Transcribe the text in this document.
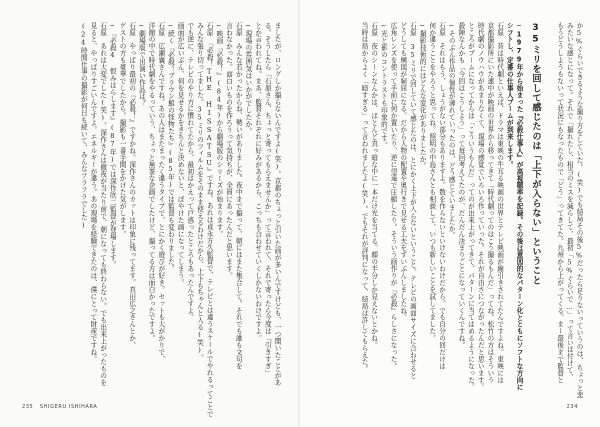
ましたが、ロングしか撮らないんですよ(笑)。京都のちょっと引いた画が多いんですけども、一つ聞いたことがあ
る。そうしたら「石原さん、ちょっと寄ってもらえませんか」って言われて、それで寄ったら今度は「引きすぎ」
とか言われてね。まあ、監督それぞれに好みがあるから、こっちも合わせていくしかないわけですよ。
─現場の雰囲気はいかがでしたか。
石原　みんな若かったからね、勢いがありました。夜中まで撮って、朝にはまた集合して。それでも誰も文句を
言わなかった。面白いものを作ろうって気持ちが、全員にあったんだと思います。
─映画『必殺！』(84年)から劇場版のシリーズが始まります。
石原　『必殺！THE HISSATSU』ですね。あれは貞永方久監督で、テレビとは違うスケールでやれるってことで
みんな張り切ってました。35ミリのフィルムをそのまま使えるわけだから、上下もちゃんと入る(笑)。
でも逆に、テレビのやり方に慣れてたから、最初はかえって戸惑ったところもあったんですよ。
画面が広いぶん、何を見せるかをきちんと決めないと、ぼやけた画になってしまう。
─続く『必殺！ブラウン館の怪物たち』(85年)では監督も変わりました。
石原　広瀬襄さんですね。あの人はまたまったく違うタイプで、とにかく遊びが好き。セットも大がかりで、
洋館の中で時代劇をやるっていう、ちょっと無茶な企画でしたけど、撮ってる方は面白かったですよ。
─劇場版で出演い作品は？
石原　やっぱり最初の『必殺！』ですかね。深作さんのカットは印象に残ってます。真田広之さんとか、
ゲストの方も豪華でしたから。撮影も一番手間をかけた気がします。
─『必殺4 恨みはらします』(87年)では深作欣二監督が登場します。
石原　あれは大変でした(笑)。深作さんは徹夜が当たり前で、朝になっても終わらない。でも出来上がったものを
見ると、やっぱりすごいんですよ。エネルギーが違う。あの現場を経験できたのは、僕にとって財産ですね。
(24時間仕事の撮影が何日も続いて、みんなフラフラでした)
235 SHIGERU ISHIHARA
か5%ぐらいできるような撮り方をしていた。(笑)でも結局その後5%だったら足りないっていうのは、ちょっと悲
みたいな感じになって。それで「撮れたし、相当のミスを減らして、最初「5%ぐらいで…」って言いは付けて、
もうどうしようもないって状況にもなったもので「どう」ってきてた。九州から上がってくる。まー最後まで監督と
35ミリを回して感じたのは「上下が入らない」ということ
─1979年から始まった『必殺仕事人』が高視聴率を記録。その後は意図的なパターン化とともにソフトな方向に
シフトし、定番の仕事人ブームが到来します。
石原　昔は時代劇といえば、ドラマは東映の牛耳る映画の世界とテレビ映画が線引きされてたんですよね。東映には
京都撮影所にいた連中が映画の世界から移ってきて「時代劇ってのはこう撮るもんだ」ってね。松竹の方はそういう
時代劇のノウハウがあまりなくて、現場の感覚でいろいろ作っていった。それが自由さにつながったんだと思います。
ところがブームになってからは「こういうもんだ」ってのが出来上がってきて、パターンに当てはめるようになった。
殺陣なんかも「今回はこうしよう」って毎回考えてたのが、だんだん決まりごとになっていくんですね。
─そのぶん作品の個性が薄れていったのは、どう感じていましたか。
石原　それはもう、しょうがない部分もありますよ。数を作らないといけないわけだから。でも自分の回だけは
何か違うことをやろうと思ってね。照明の中島さんとも相談して、いつも新しいことを試してました。
─撮影技術的にはどんな変化がありましたか。
石原　35ミリで回していて感じたのは、とにかく上下が入らないということ。テレビの画面サイズに合わせると
どうしても構図が窮屈になる。だから人物の配置や奥行きで見せる工夫をずいぶんしましたね。
広角レンズを使って手前に何か置いたり、逆に望遠で圧縮したり。そういう画作りが『必殺』らしさになった。
─光と影のコントラストも印象的です。
石原　夜のシーンなんかは、ほとんど真っ暗な中に一本だけ光を当てる。顔の半分しか見えないとかね。
当時は局からよく「暗すぎる」って言われましたよ(笑)。でもそれが評判になって、結局は許してもらえた。
234
